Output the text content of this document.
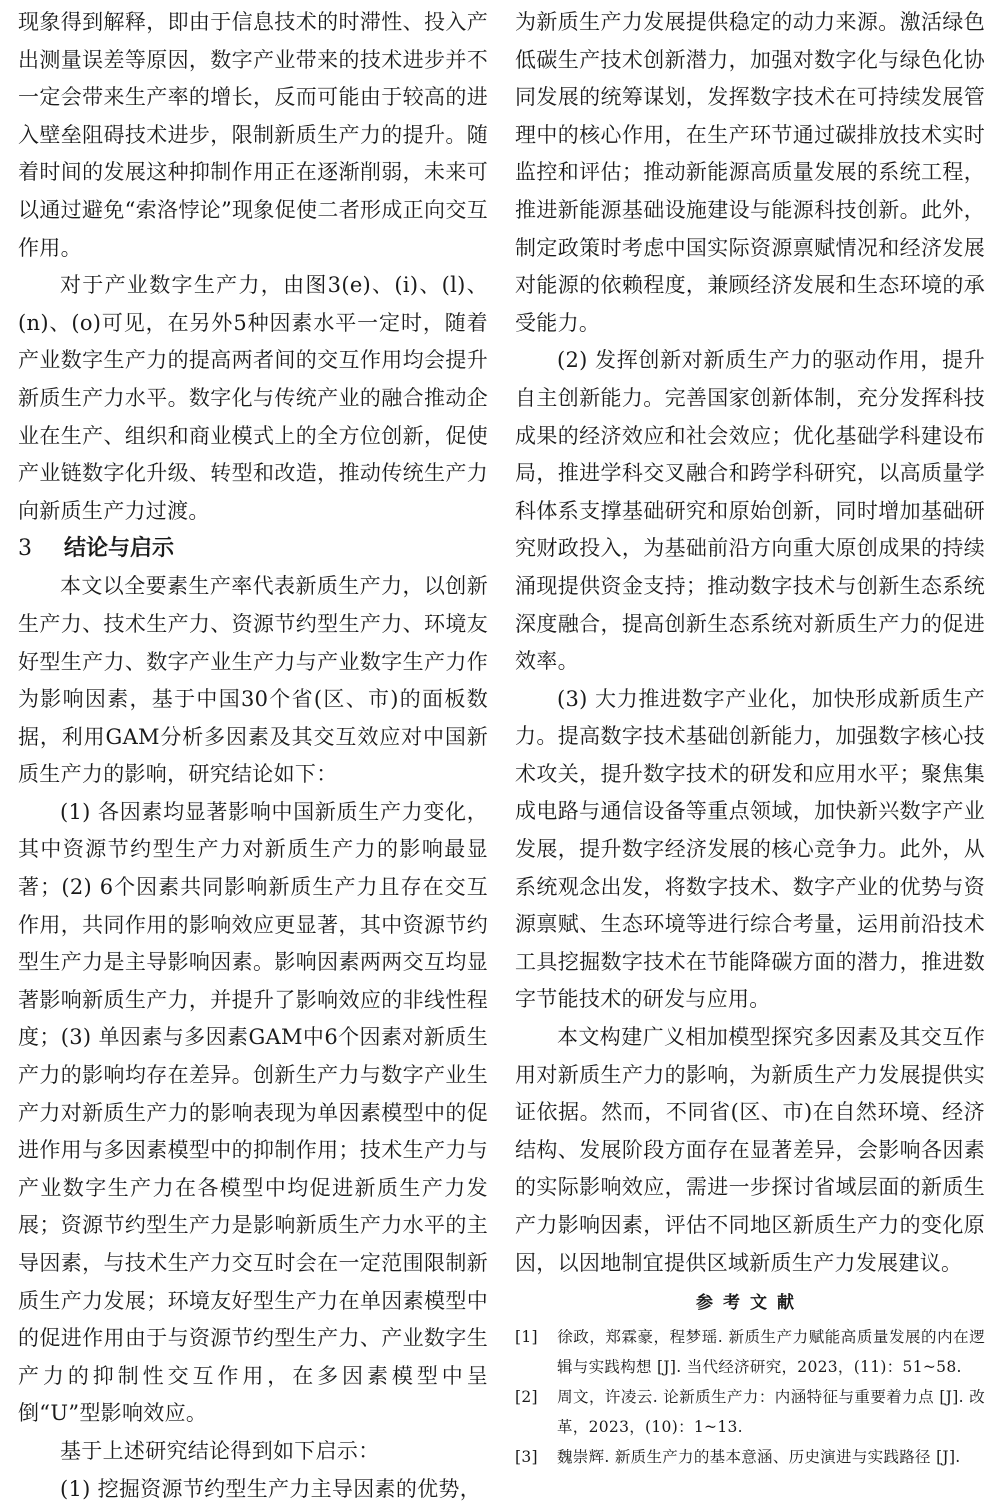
现象得到解释，即由于信息技术的时滞性、投入产出测量误差等原因，数字产业带来的技术进步并不一定会带来生产率的增长，反而可能由于较高的进入壁垒阻碍技术进步，限制新质生产力的提升。随着时间的发展这种抑制作用正在逐渐削弱，未来可以通过避免“索洛悖论”现象促使二者形成正向交互作用。

对于产业数字生产力，由图3(e)、(i)、(l)、(n)、(o)可见，在另外5种因素水平一定时，随着产业数字生产力的提高两者间的交互作用均会提升新质生产力水平。数字化与传统产业的融合推动企业在生产、组织和商业模式上的全方位创新，促使产业链数字化升级、转型和改造，推动传统生产力向新质生产力过渡。

3 结论与启示

本文以全要素生产率代表新质生产力，以创新生产力、技术生产力、资源节约型生产力、环境友好型生产力、数字产业生产力与产业数字生产力作为影响因素，基于中国30个省(区、市)的面板数据，利用GAM分析多因素及其交互效应对中国新质生产力的影响，研究结论如下：

(1) 各因素均显著影响中国新质生产力变化，其中资源节约型生产力对新质生产力的影响最显著；(2) 6个因素共同影响新质生产力且存在交互作用，共同作用的影响效应更显著，其中资源节约型生产力是主导影响因素。影响因素两两交互均显著影响新质生产力，并提升了影响效应的非线性程度；(3) 单因素与多因素GAM中6个因素对新质生产力的影响均存在差异。创新生产力与数字产业生产力对新质生产力的影响表现为单因素模型中的促进作用与多因素模型中的抑制作用；技术生产力与产业数字生产力在各模型中均促进新质生产力发展；资源节约型生产力是影响新质生产力水平的主导因素，与技术生产力交互时会在一定范围限制新质生产力发展；环境友好型生产力在单因素模型中的促进作用由于与资源节约型生产力、产业数字生产力的抑制性交互作用，在多因素模型中呈倒“U”型影响效应。

基于上述研究结论得到如下启示：

(1) 挖掘资源节约型生产力主导因素的优势，

为新质生产力发展提供稳定的动力来源。激活绿色低碳生产技术创新潜力，加强对数字化与绿色化协同发展的统筹谋划，发挥数字技术在可持续发展管理中的核心作用，在生产环节通过碳排放技术实时监控和评估；推动新能源高质量发展的系统工程，推进新能源基础设施建设与能源科技创新。此外，制定政策时考虑中国实际资源禀赋情况和经济发展对能源的依赖程度，兼顾经济发展和生态环境的承受能力。

(2) 发挥创新对新质生产力的驱动作用，提升自主创新能力。完善国家创新体制，充分发挥科技成果的经济效应和社会效应；优化基础学科建设布局，推进学科交叉融合和跨学科研究，以高质量学科体系支撑基础研究和原始创新，同时增加基础研究财政投入，为基础前沿方向重大原创成果的持续涌现提供资金支持；推动数字技术与创新生态系统深度融合，提高创新生态系统对新质生产力的促进效率。

(3) 大力推进数字产业化，加快形成新质生产力。提高数字技术基础创新能力，加强数字核心技术攻关，提升数字技术的研发和应用水平；聚焦集成电路与通信设备等重点领域，加快新兴数字产业发展，提升数字经济发展的核心竞争力。此外，从系统观念出发，将数字技术、数字产业的优势与资源禀赋、生态环境等进行综合考量，运用前沿技术工具挖掘数字技术在节能降碳方面的潜力，推进数字节能技术的研发与应用。

本文构建广义相加模型探究多因素及其交互作用对新质生产力的影响，为新质生产力发展提供实证依据。然而，不同省(区、市)在自然环境、经济结构、发展阶段方面存在显著差异，会影响各因素的实际影响效应，需进一步探讨省域层面的新质生产力影响因素，评估不同地区新质生产力的变化原因，以因地制宜提供区域新质生产力发展建议。

参考文献
[1] 徐政，郑霖豪，程梦瑶. 新质生产力赋能高质量发展的内在逻辑与实践构想 [J]. 当代经济研究，2023，(11)：51~58.
[2] 周文，许凌云. 论新质生产力：内涵特征与重要着力点 [J]. 改革，2023，(10)：1~13.
[3] 魏崇辉. 新质生产力的基本意涵、历史演进与实践路径 [J].
